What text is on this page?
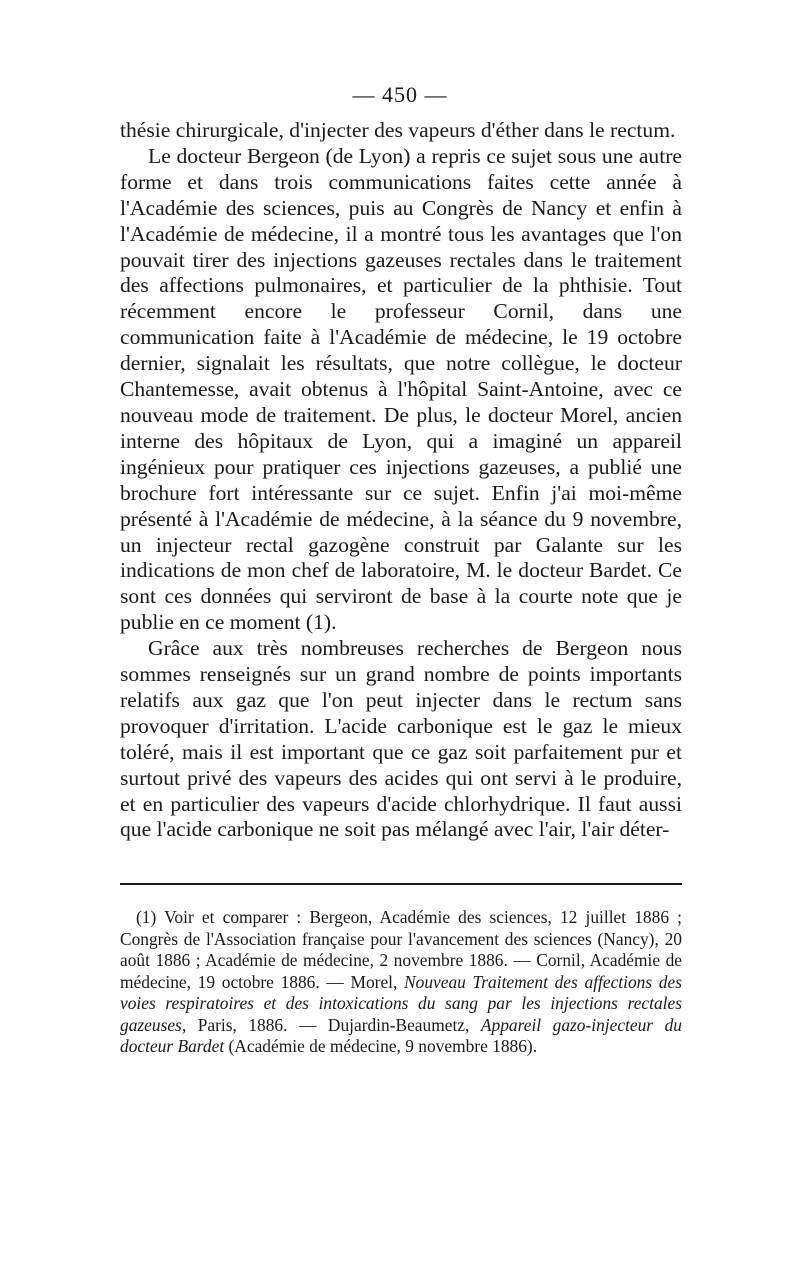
— 450 —

thésie chirurgicale, d'injecter des vapeurs d'éther dans le rectum.

Le docteur Bergeon (de Lyon) a repris ce sujet sous une autre forme et dans trois communications faites cette année à l'Académie des sciences, puis au Congrès de Nancy et enfin à l'Académie de médecine, il a montré tous les avantages que l'on pouvait tirer des injections gazeuses rectales dans le traitement des affections pulmonaires, et particulier de la phthisie. Tout récemment encore le professeur Cornil, dans une communication faite à l'Académie de médecine, le 19 octobre dernier, signalait les résultats, que notre collègue, le docteur Chantemesse, avait obtenus à l'hôpital Saint-Antoine, avec ce nouveau mode de traitement. De plus, le docteur Morel, ancien interne des hôpitaux de Lyon, qui a imaginé un appareil ingénieux pour pratiquer ces injections gazeuses, a publié une brochure fort intéressante sur ce sujet. Enfin j'ai moi-même présenté à l'Académie de médecine, à la séance du 9 novembre, un injecteur rectal gazogène construit par Galante sur les indications de mon chef de laboratoire, M. le docteur Bardet. Ce sont ces données qui serviront de base à la courte note que je publie en ce moment (1).

Grâce aux très nombreuses recherches de Bergeon nous sommes renseignés sur un grand nombre de points importants relatifs aux gaz que l'on peut injecter dans le rectum sans provoquer d'irritation. L'acide carbonique est le gaz le mieux toléré, mais il est important que ce gaz soit parfaitement pur et surtout privé des vapeurs des acides qui ont servi à le produire, et en particulier des vapeurs d'acide chlorhydrique. Il faut aussi que l'acide carbonique ne soit pas mélangé avec l'air, l'air déter-

(1) Voir et comparer : Bergeon, Académie des sciences, 12 juillet 1886 ; Congrès de l'Association française pour l'avancement des sciences (Nancy), 20 août 1886 ; Académie de médecine, 2 novembre 1886. — Cornil, Académie de médecine, 19 octobre 1886. — Morel, Nouveau Traitement des affections des voies respiratoires et des intoxications du sang par les injections rectales gazeuses, Paris, 1886. — Dujardin-Beaumetz, Appareil gazo-injecteur du docteur Bardet (Académie de médecine, 9 novembre 1886).
